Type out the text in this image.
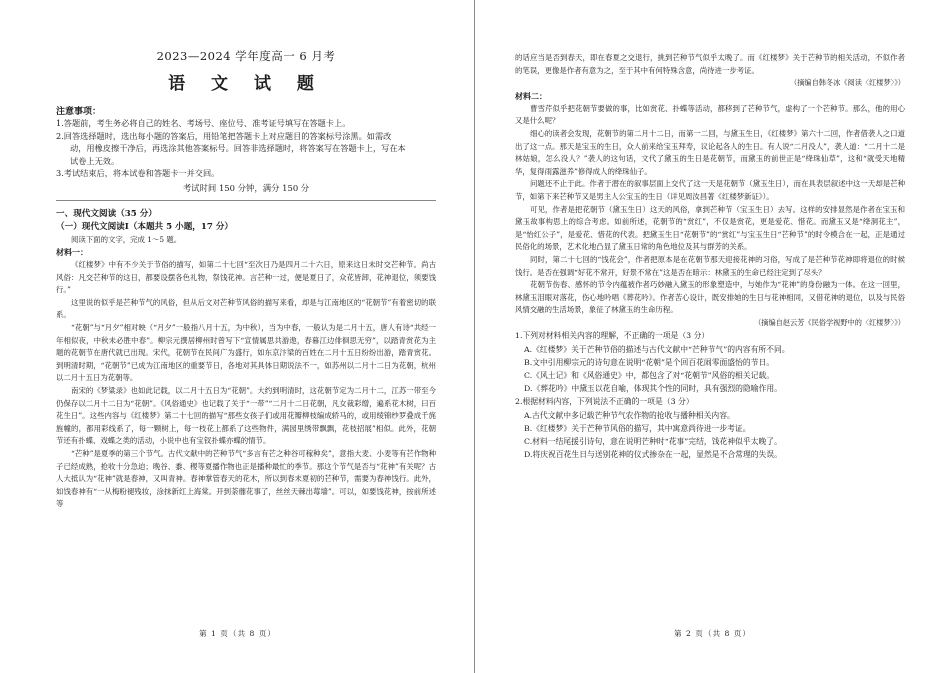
2023—2024 学年度高一 6 月考
语 文 试 题
注意事项：
1.答题前，考生务必将自己的姓名、考场号、座位号、准考证号填写在答题卡上。
2.回答选择题时，选出每小题的答案后，用铅笔把答题卡上对应题目的答案标号涂黑。如需改
动，用橡皮擦干净后，再选涂其他答案标号。回答非选择题时，将答案写在答题卡上，写在本
试卷上无效。
3.考试结束后，将本试卷和答题卡一并交回。
考试时间 150 分钟，满分 150 分
一、现代文阅读（35 分）
（一）现代文阅读Ⅰ（本题共 5 小题，17 分）

阅读下面的文字，完成 1～5 题。

材料一：

《红楼梦》中有不少关于节俗的描写，如第二十七回“至次日乃是四月二十六日，原来这日未时交芒种节。尚古风俗：凡交芒种节的这日，都要设摆各色礼物，祭饯花神。言芒种一过，便是夏日了，众花皆卸，花神退位，须要饯行。”

这里说的似乎是芒种节气的风俗，但从后文对芒种节风俗的描写来看，却是与江南地区的“花朝节”有着密切的联系。

“花朝”与“月夕”相对映（“月夕”一般指八月十五，为中秋），当为中春，一般认为是二月十五，唐人有诗“共经一年相似夜，中秋未必胜中春”。柳宗元撰居柳州时曾写下“宣情属思共游遨，春暮江边俳徊思无穷”，以踏青赏花为主题的花朝节在唐代就已出现。宋代，花朝节在民间广为盛行，如东京汴梁的百姓在二月十五日纷纷出游，踏青赏花。到明清时期，“花朝节”已成为江南地区的重要节日，各地对其具体日期说法不一，如苏州以二月十二日为花朝，杭州以二月十五日为花朝等。

南宋的《梦粱录》也如此记载，以二月十五日为“花朝”。大约到明清时，这花朝节定为二月十二，江苏一带至今仍保存以二月十二日为“花朝”。《风俗通史》也记载了关于“一带”“二月十二日花朝，凡女裁彩缯，遍系花木树，曰百花生日”。这些内容与《红楼梦》第二十七回的描写“那些女孩子们或用花瓣柳枝编成轿马的，或用绫锦纱罗叠成千旄旌幢的，都用彩线系了，每一颗树上，每一枝花上都系了这些物件，满园里绣带飘飘，花枝招展”相似。此外，花朝节还有扑蝶、戏蝶之类的活动，小说中也有宝钗扑蝶亦蝶的情节。

“芒种”是夏季的第三个节气。古代文献中的芒种节气“多言有芒之种谷可稼种矣”，意指大麦、小麦等有芒作物种子已经成熟，抢收十分急迫；晚谷、黍、稷等夏播作物也正是播种最忙的季节。那这个节气是否与“花神”有关呢？古人大抵认为“花神”就是春神，又叫青神。春神掌管春天的花木，所以到春末夏初的芒种节，需要为春神饯行。此外，如饯春神有“一从梅粉褪残妆，涂抹新红上海棠。开到荼蘼花事了，丝丝天棘出莓墙”。可以，如要饯花神，按前所述等

第 1 页（共 8 页）

的话应当是否到春天，即在春夏之交退行，挑到芒种节气似乎太晚了。而《红楼梦》关于芒种节的相关活动，不似作者的笔误，更像是作者有意为之，至于其中有何特殊含意，尚待进一步考证。

（摘编自韩冬冰《阅读〈红楼梦〉》）

材料二：

曹雪芹似乎把花朝节要做的事，比如赏花、扑蝶等活动，都移到了芒种节气，虚构了一个芒种节。那么，他的用心又是什么呢？

细心的读者会发现，花朝节的第二月十二日，而第一二回，与黛玉生日，《红楼梦》第六十二回，作者借袭人之口道出了这一点。那天是宝玉的生日，众人前来给宝玉拜寿，议论起各人的生日。有人说“二月没人”，袭人道：“二月十二是林姑娘，怎么没人？”袭人的这句话，文代了黛玉的生日是花朝节，而黛玉的前世正是“绛珠仙草”，这和“就受天地精华，复得雨露滋养”修得成人的绛珠仙子。

问题还不止于此。作者于潜在的叙事层面上交代了这一天是花朝节（黛玉生日），而在具表层叙述中这一天却是芒种节，如第下来芒种节又是男主人公宝玉的生日（详见周汝昌著《红楼梦新证》）。

可见，作者是把花朝节（黛玉生日）这天的风俗，拿到芒种节（宝玉生日）去写。这样的安排显然是作者在宝玉和黛玉故事构思上的综合考虑。如前所述，花朝节的“赏红”，不仅是赏花，更是爱花、惜花。而黛玉又是“绛洞花主”，是“怡红公子”，是爱花、惜花的代表。把黛玉生日“花朝节”的“赏红”与宝玉生日“芒种节”的时令模合在一起，正是通过民俗化的场景，艺术化地凸显了黛玉日常的角色地位及其与群芳的关系。

同时，第二十七回的“饯花会”，作者把原本是在花朝节那天迎接花神的习俗，写成了是芒种节花神即将退位的时候饯行。是否在强调“好花不常开，好景不常在”这是否在暗示：林黛玉的生命已经注定到了尽头？

花朝节伤春、感怀的节令内蕴被作者巧妙融入黛玉的形象塑造中，与她作为“花神”的身份融为一体。在这一回里，林黛玉泪眼对落花，伤心地吟唱《葬花吟》。作者苦心设计，既安排她的生日与花神相同，又借花神的退位，以及与民俗风情交融的生活场景，象征了林黛玉的生命历程。

（摘编自赵云芳《民俗学视野中的〈红楼梦〉》）

1.下列对材料相关内容的理解，不正确的一项是（3 分）

A.《红楼梦》关于芒种节俗的描述与古代文献中“芒种节气”的内容有所不同。

B.文中引用柳宗元的诗句意在说明“花朝”是个回百花闹零面盛怡的节日。

C.《风土记》和《风俗通史》中，都包含了对“花朝节”风俗的相关记载。

D.《葬花吟》中黛玉以花自喻，体现其个性的同时，具有强烈的隐喻作用。

2.根据材料内容，下列说法不正确的一项是（3 分）

A.古代文献中多记载芒种节气农作物的抢收与播种相关内容。

B.《红楼梦》关于芒种节风俗的描写，其中寓意尚待进一步考证。

C.材料一结尾援引诗句，意在说明芒种时“花事”完结，饯花神似乎太晚了。

D.将庆祝百花生日与送别花神的仪式掺杂在一起，显然是不合常理的失误。

第 2 页（共 8 页）
